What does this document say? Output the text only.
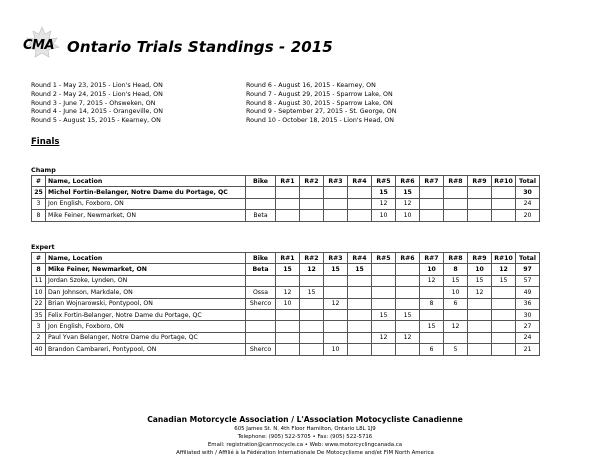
CMA Ontario Trials Standings - 2015
Round 1 - May 23, 2015 - Lion's Head, ON
Round 2 - May 24, 2015 - Lion's Head, ON
Round 3 - June 7, 2015 - Ohsweken, ON
Round 4 - June 14, 2015 - Orangeville, ON
Round 5 - August 15, 2015 - Kearney, ON
Round 6 - August 16, 2015 - Kearney, ON
Round 7 - August 29, 2015 - Sparrow Lake, ON
Round 8 - August 30, 2015 - Sparrow Lake, ON
Round 9 - September 27, 2015 - St. George, ON
Round 10 - October 18, 2015 - Lion's Head, ON
Finals
Champ
#	Name, Location	Bike	R#1	R#2	R#3	R#4	R#5	R#6	R#7	R#8	R#9	R#10	Total
25	Michel Fortin-Belanger, Notre Dame du Portage, QC						15	15					30
3	Jon English, Foxboro, ON						12	12					24
8	Mike Feiner, Newmarket, ON	Beta					10	10					20
Expert
#	Name, Location	Bike	R#1	R#2	R#3	R#4	R#5	R#6	R#7	R#8	R#9	R#10	Total
8	Mike Feiner, Newmarket, ON	Beta	15	12	15	15			10	8	10	12	97
11	Jordan Szoke, Lynden, ON								12	15	15	15	57
10	Dan Johnson, Markdale, ON	Ossa	12	15						10	12		49
22	Brian Wojnarowski, Pontypool, ON	Sherco	10		12				8	6			36
35	Felix Fortin-Belanger, Notre Dame du Portage, QC						15	15					30
3	Jon English, Foxboro, ON								15	12			27
2	Paul Yvan Belanger, Notre Dame du Portage, QC						12	12					24
40	Brandon Cambareri, Pontypool, ON	Sherco			10				6	5			21
Canadian Motorcycle Association / L'Association Motocycliste Canadienne
605 James St. N. 4th Floor Hamilton, Ontario L8L 1J9
Telephone: (905) 522-5705 • Fax: (905) 522-5716
Email: registration@canmocycle.ca • Web: www.motorcyclingcanada.ca
Affiliated with / Affilié à la Fédération Internationale De Motocyclisme and/et FIM North America
